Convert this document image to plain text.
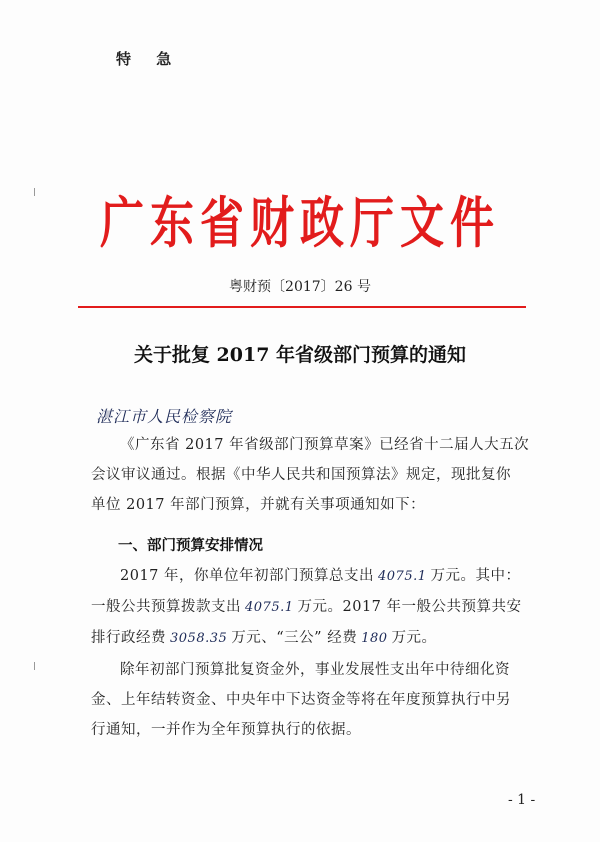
特 急
广东省财政厅文件
粤财预〔2017〕26 号
关于批复 2017 年省级部门预算的通知
湛江市人民检察院
《广东省 2017 年省级部门预算草案》已经省十二届人大五次
会议审议通过。根据《中华人民共和国预算法》规定，现批复你
单位 2017 年部门预算，并就有关事项通知如下：
一、部门预算安排情况
2017 年，你单位年初部门预算总支出 4075.1 万元。其中：
一般公共预算拨款支出 4075.1 万元。2017 年一般公共预算共安
排行政经费 3058.35 万元、“三公” 经费 180 万元。
除年初部门预算批复资金外，事业发展性支出年中待细化资
金、上年结转资金、中央年中下达资金等将在年度预算执行中另
行通知，一并作为全年预算执行的依据。
- 1 -
